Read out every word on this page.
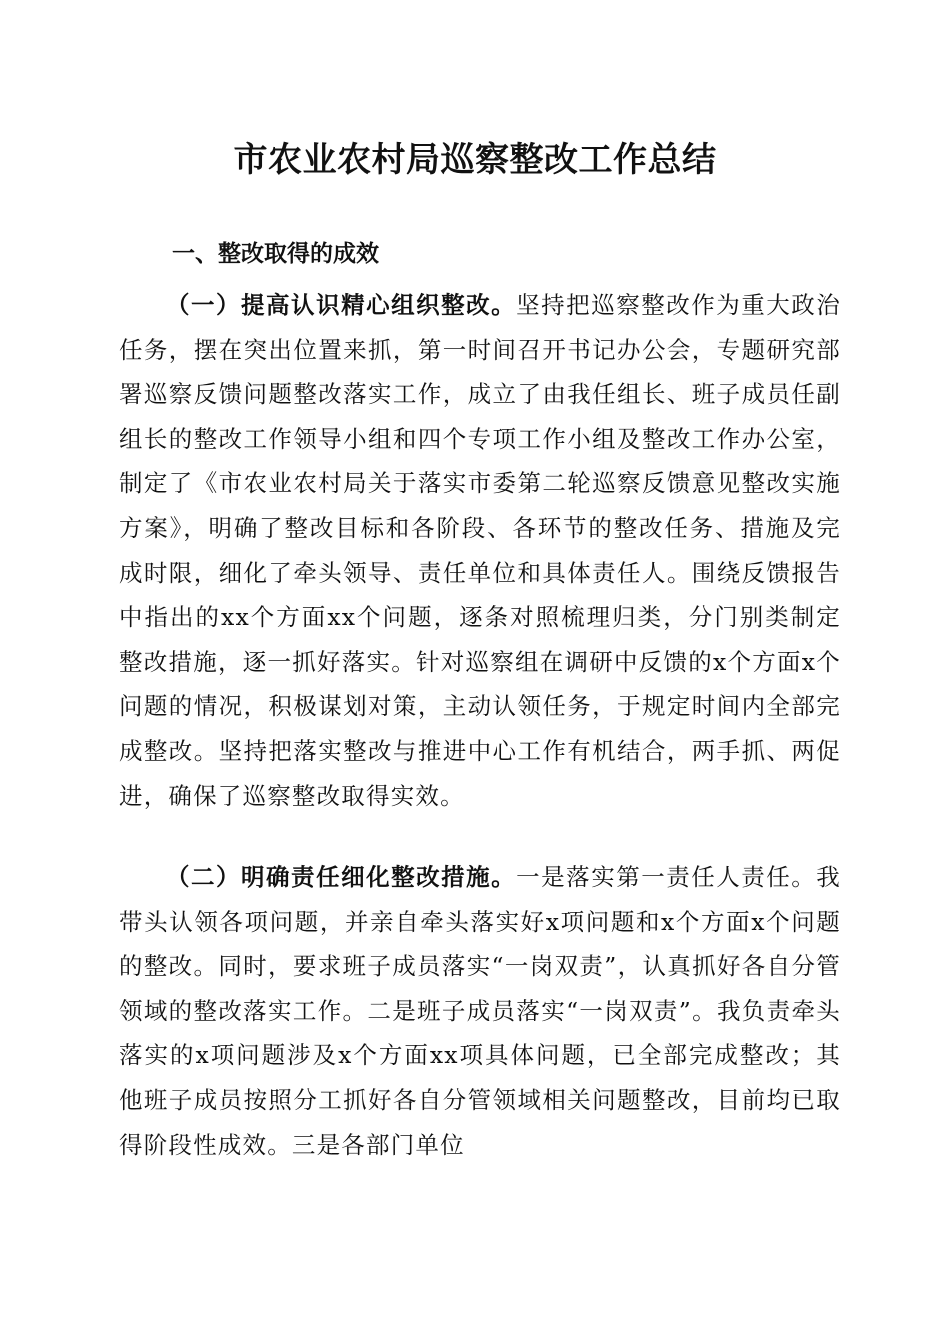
市农业农村局巡察整改工作总结
一、整改取得的成效

（一）提高认识精心组织整改。坚持把巡察整改作为重大政治任务，摆在突出位置来抓，第一时间召开书记办公会，专题研究部署巡察反馈问题整改落实工作，成立了由我任组长、班子成员任副组长的整改工作领导小组和四个专项工作小组及整改工作办公室，制定了《市农业农村局关于落实市委第二轮巡察反馈意见整改实施方案》，明确了整改目标和各阶段、各环节的整改任务、措施及完成时限，细化了牵头领导、责任单位和具体责任人。围绕反馈报告中指出的xx个方面xx个问题，逐条对照梳理归类，分门别类制定整改措施，逐一抓好落实。针对巡察组在调研中反馈的x个方面x个问题的情况，积极谋划对策，主动认领任务，于规定时间内全部完成整改。坚持把落实整改与推进中心工作有机结合，两手抓、两促进，确保了巡察整改取得实效。

（二）明确责任细化整改措施。一是落实第一责任人责任。我带头认领各项问题，并亲自牵头落实好x项问题和x个方面x个问题的整改。同时，要求班子成员落实“一岗双责”，认真抓好各自分管领域的整改落实工作。二是班子成员落实“一岗双责”。我负责牵头落实的x项问题涉及x个方面xx项具体问题，已全部完成整改；其他班子成员按照分工抓好各自分管领域相关问题整改，目前均已取得阶段性成效。三是各部门单位
